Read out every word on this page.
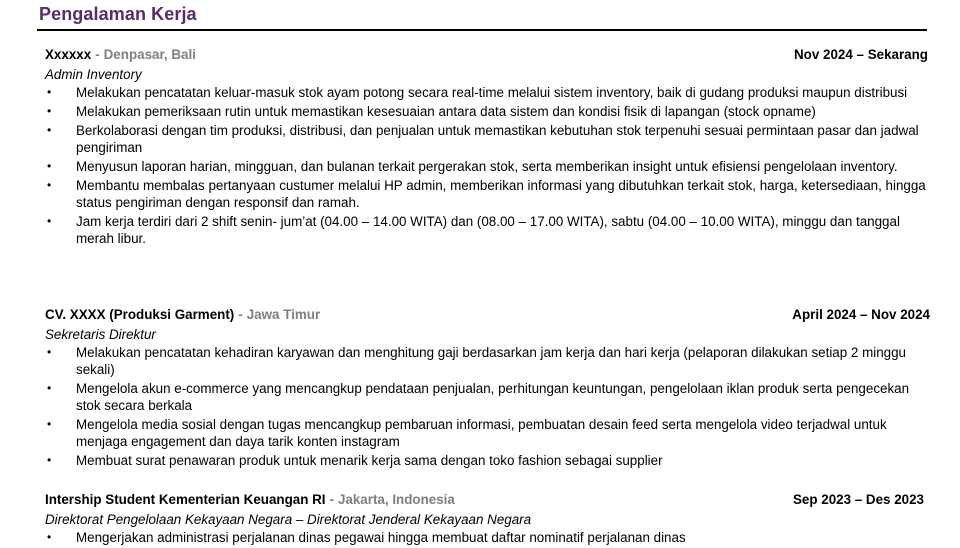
Pengalaman Kerja
Xxxxxx - Denpasar, Bali	Nov 2024 – Sekarang
Admin Inventory
• Melakukan pencatatan keluar-masuk stok ayam potong secara real-time melalui sistem inventory, baik di gudang produksi maupun distribusi
• Melakukan pemeriksaan rutin untuk memastikan kesesuaian antara data sistem dan kondisi fisik di lapangan (stock opname)
• Berkolaborasi dengan tim produksi, distribusi, dan penjualan untuk memastikan kebutuhan stok terpenuhi sesuai permintaan pasar dan jadwal pengiriman
• Menyusun laporan harian, mingguan, dan bulanan terkait pergerakan stok, serta memberikan insight untuk efisiensi pengelolaan inventory.
• Membantu membalas pertanyaan custumer melalui HP admin, memberikan informasi yang dibutuhkan terkait stok, harga, ketersediaan, hingga status pengiriman dengan responsif dan ramah.
• Jam kerja terdiri dari 2 shift senin- jum’at (04.00 – 14.00 WITA) dan (08.00 – 17.00 WITA), sabtu (04.00 – 10.00 WITA), minggu dan tanggal merah libur.
CV. XXXX (Produksi Garment) - Jawa Timur	April 2024 – Nov 2024
Sekretaris Direktur
• Melakukan pencatatan kehadiran karyawan dan menghitung gaji berdasarkan jam kerja dan hari kerja (pelaporan dilakukan setiap 2 minggu sekali)
• Mengelola akun e-commerce yang mencangkup pendataan penjualan, perhitungan keuntungan, pengelolaan iklan produk serta pengecekan stok secara berkala
• Mengelola media sosial dengan tugas mencangkup pembaruan informasi, pembuatan desain feed serta mengelola video terjadwal untuk menjaga engagement dan daya tarik konten instagram
• Membuat surat penawaran produk untuk menarik kerja sama dengan toko fashion sebagai supplier
Intership Student Kementerian Keuangan RI - Jakarta, Indonesia	Sep 2023 – Des 2023
Direktorat Pengelolaan Kekayaan Negara – Direktorat Jenderal Kekayaan Negara
• Mengerjakan administrasi perjalanan dinas pegawai hingga membuat daftar nominatif perjalanan dinas
